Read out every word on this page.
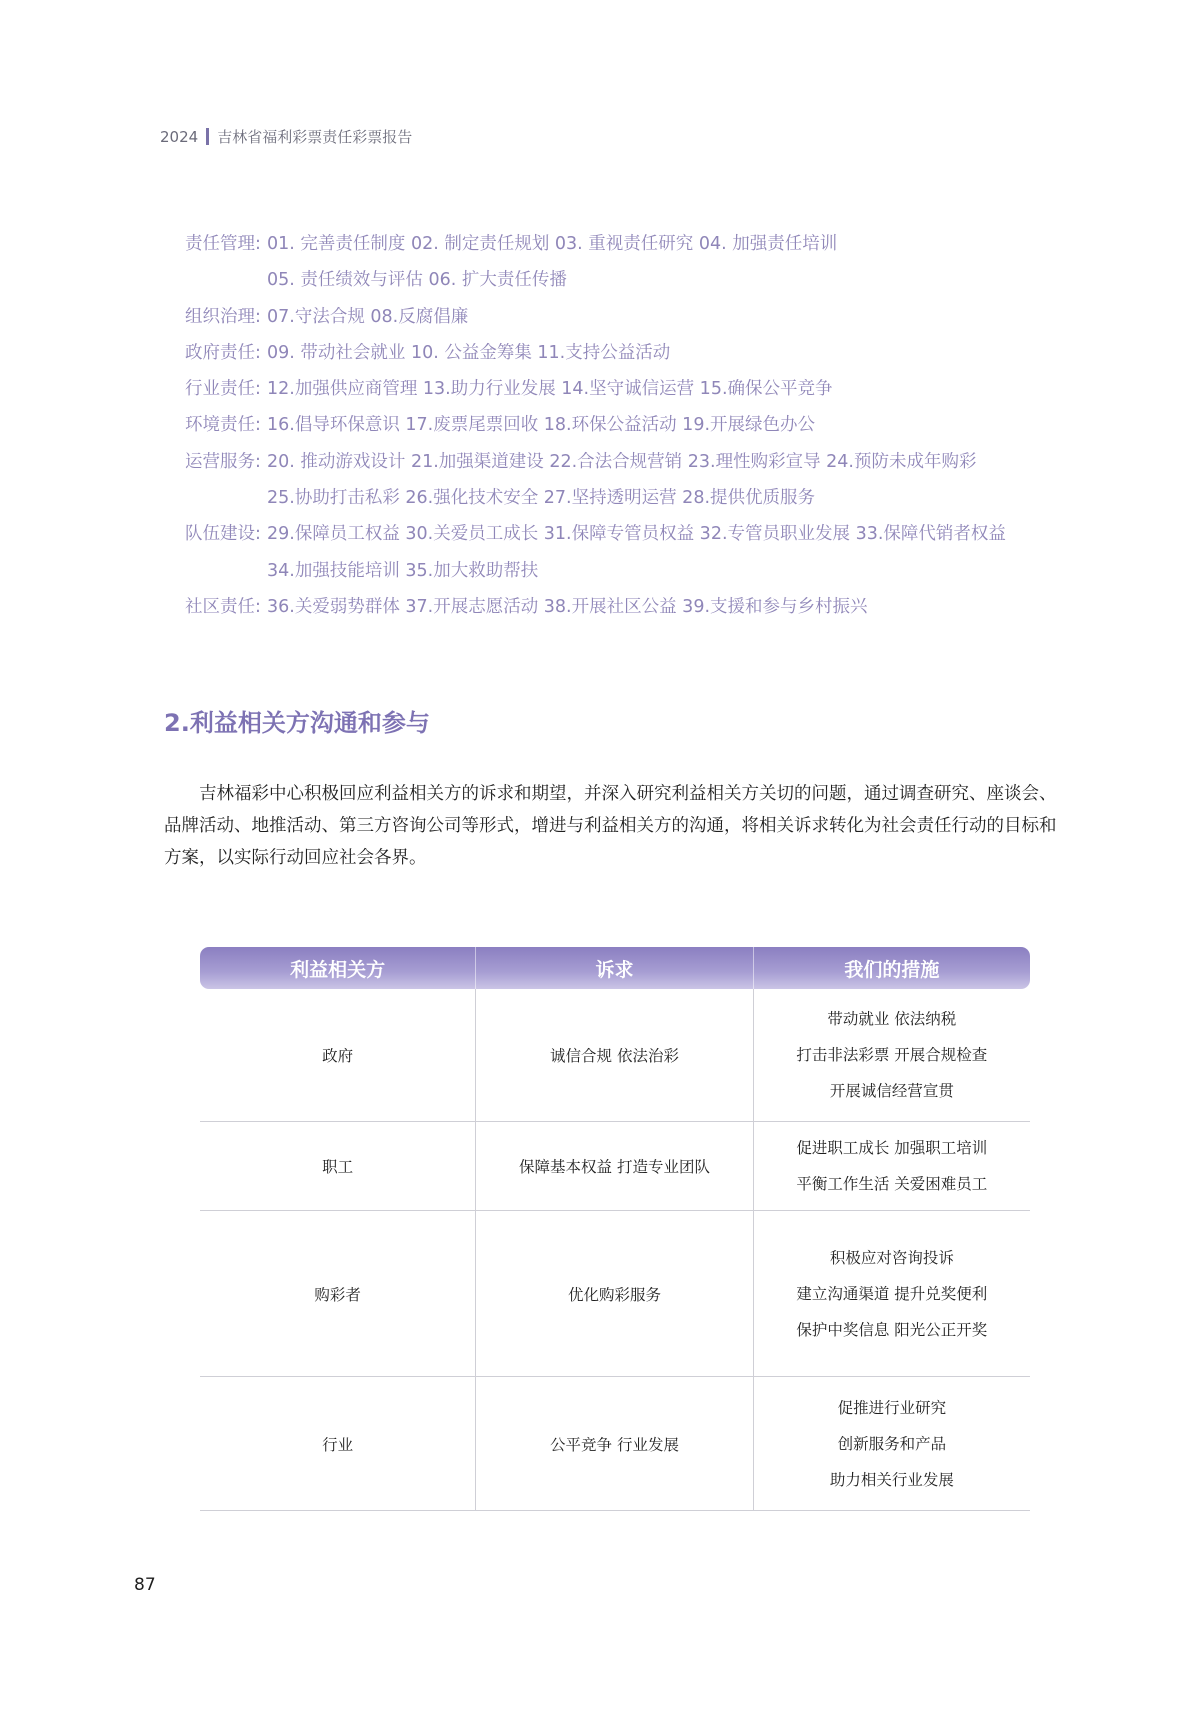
2024 吉林省福利彩票责任彩票报告
责任管理: 01. 完善责任制度 02. 制定责任规划 03. 重视责任研究 04. 加强责任培训
05. 责任绩效与评估 06. 扩大责任传播
组织治理: 07.守法合规 08.反腐倡廉
政府责任: 09. 带动社会就业 10. 公益金筹集 11.支持公益活动
行业责任: 12.加强供应商管理 13.助力行业发展 14.坚守诚信运营 15.确保公平竞争
环境责任: 16.倡导环保意识 17.废票尾票回收 18.环保公益活动 19.开展绿色办公
运营服务: 20. 推动游戏设计 21.加强渠道建设 22.合法合规营销 23.理性购彩宣导 24.预防未成年购彩
25.协助打击私彩 26.强化技术安全 27.坚持透明运营 28.提供优质服务
队伍建设: 29.保障员工权益 30.关爱员工成长 31.保障专管员权益 32.专管员职业发展 33.保障代销者权益
34.加强技能培训 35.加大救助帮扶
社区责任: 36.关爱弱势群体 37.开展志愿活动 38.开展社区公益 39.支援和参与乡村振兴
2.利益相关方沟通和参与
吉林福彩中心积极回应利益相关方的诉求和期望，并深入研究利益相关方关切的问题，通过调查研究、座谈会、品牌活动、地推活动、第三方咨询公司等形式，增进与利益相关方的沟通，将相关诉求转化为社会责任行动的目标和方案，以实际行动回应社会各界。
利益相关方	诉求	我们的措施
政府	诚信合规 依法治彩
带动就业 依法纳税
打击非法彩票 开展合规检查
开展诚信经营宣贯
职工	保障基本权益 打造专业团队
促进职工成长 加强职工培训
平衡工作生活 关爱困难员工
购彩者	优化购彩服务
积极应对咨询投诉
建立沟通渠道 提升兑奖便利
保护中奖信息 阳光公正开奖
行业	公平竞争 行业发展
促推进行业研究
创新服务和产品
助力相关行业发展
87
